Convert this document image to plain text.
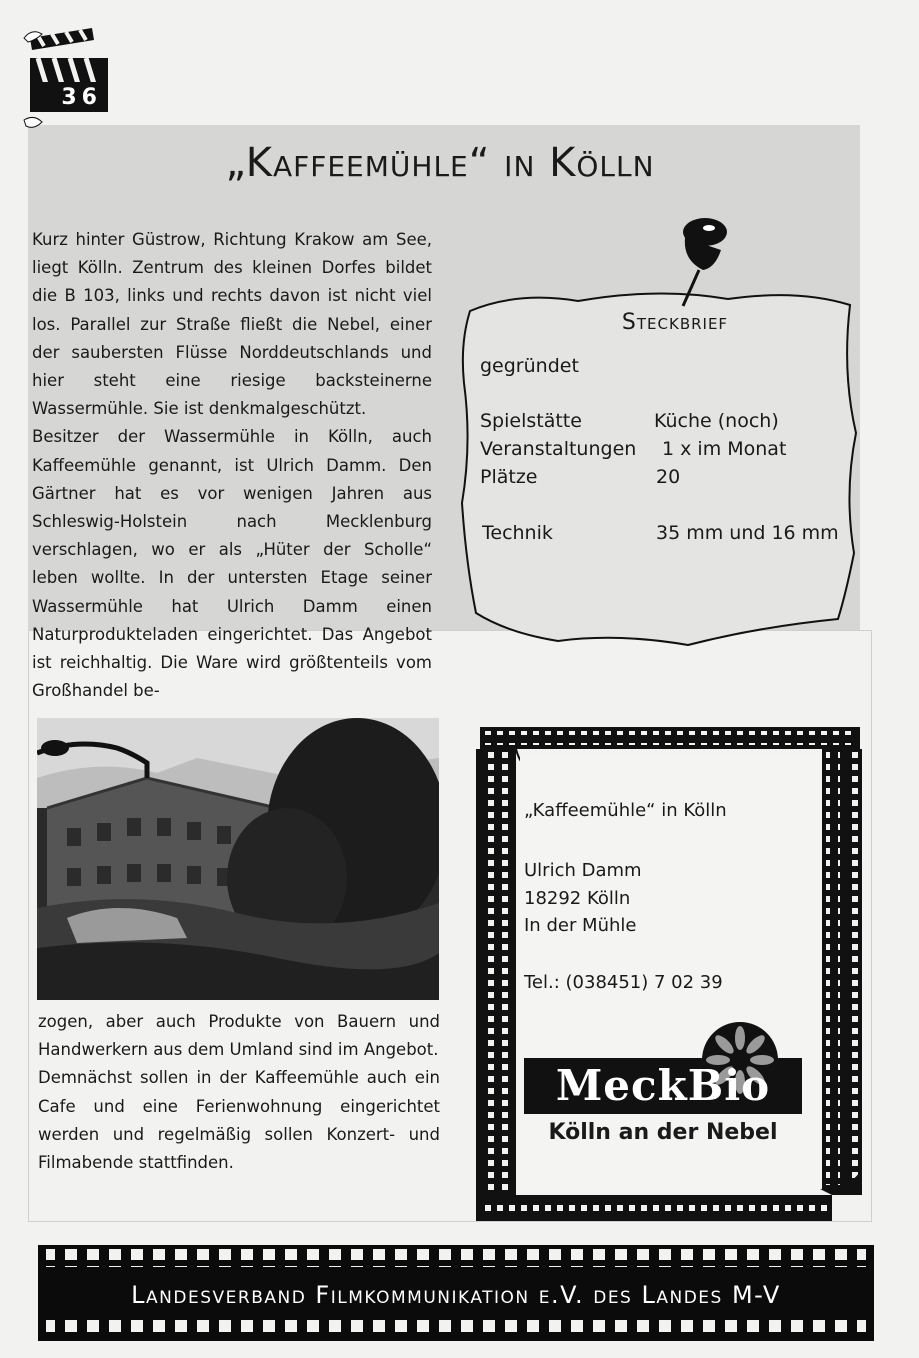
36
„Kaffeemühle“ in Kölln

Kurz hinter Güstrow, Richtung Krakow am See, liegt Kölln. Zentrum des kleinen Dorfes bildet die B 103, links und rechts davon ist nicht viel los. Parallel zur Straße fließt die Nebel, einer der saubersten Flüsse Norddeutschlands und hier steht eine riesige backsteinerne Wassermühle. Sie ist denkmalgeschützt.

Besitzer der Wassermühle in Kölln, auch Kaffeemühle genannt, ist Ulrich Damm. Den Gärtner hat es vor wenigen Jahren aus Schleswig-Holstein nach Mecklenburg verschlagen, wo er als „Hüter der Scholle“ leben wollte. In der untersten Etage seiner Wassermühle hat Ulrich Damm einen Naturproduktеladen eingerichtet. Das Angebot ist reichhaltig. Die Ware wird größtenteils vom Großhandel be-

zogen, aber auch Produkte von Bauern und Handwerkern aus dem Umland sind im Angebot.

Demnächst sollen in der Kaffeemühle auch ein Cafe und eine Ferienwohnung eingerichtet werden und regelmäßig sollen Konzert- und Filmabende stattfinden.

Steckbrief
gegründet
Spielstätte	Küche (noch)
Veranstaltungen 1 x im Monat
Plätze	20
Technik	35 mm und 16 mm
„Kaffeemühle“ in Kölln
Ulrich Damm
18292 Kölln
In der Mühle
Tel.: (038451) 7 02 39
MeckBio
Kölln an der Nebel
Landesverband Filmkommunikation e.V. des Landes M-V
